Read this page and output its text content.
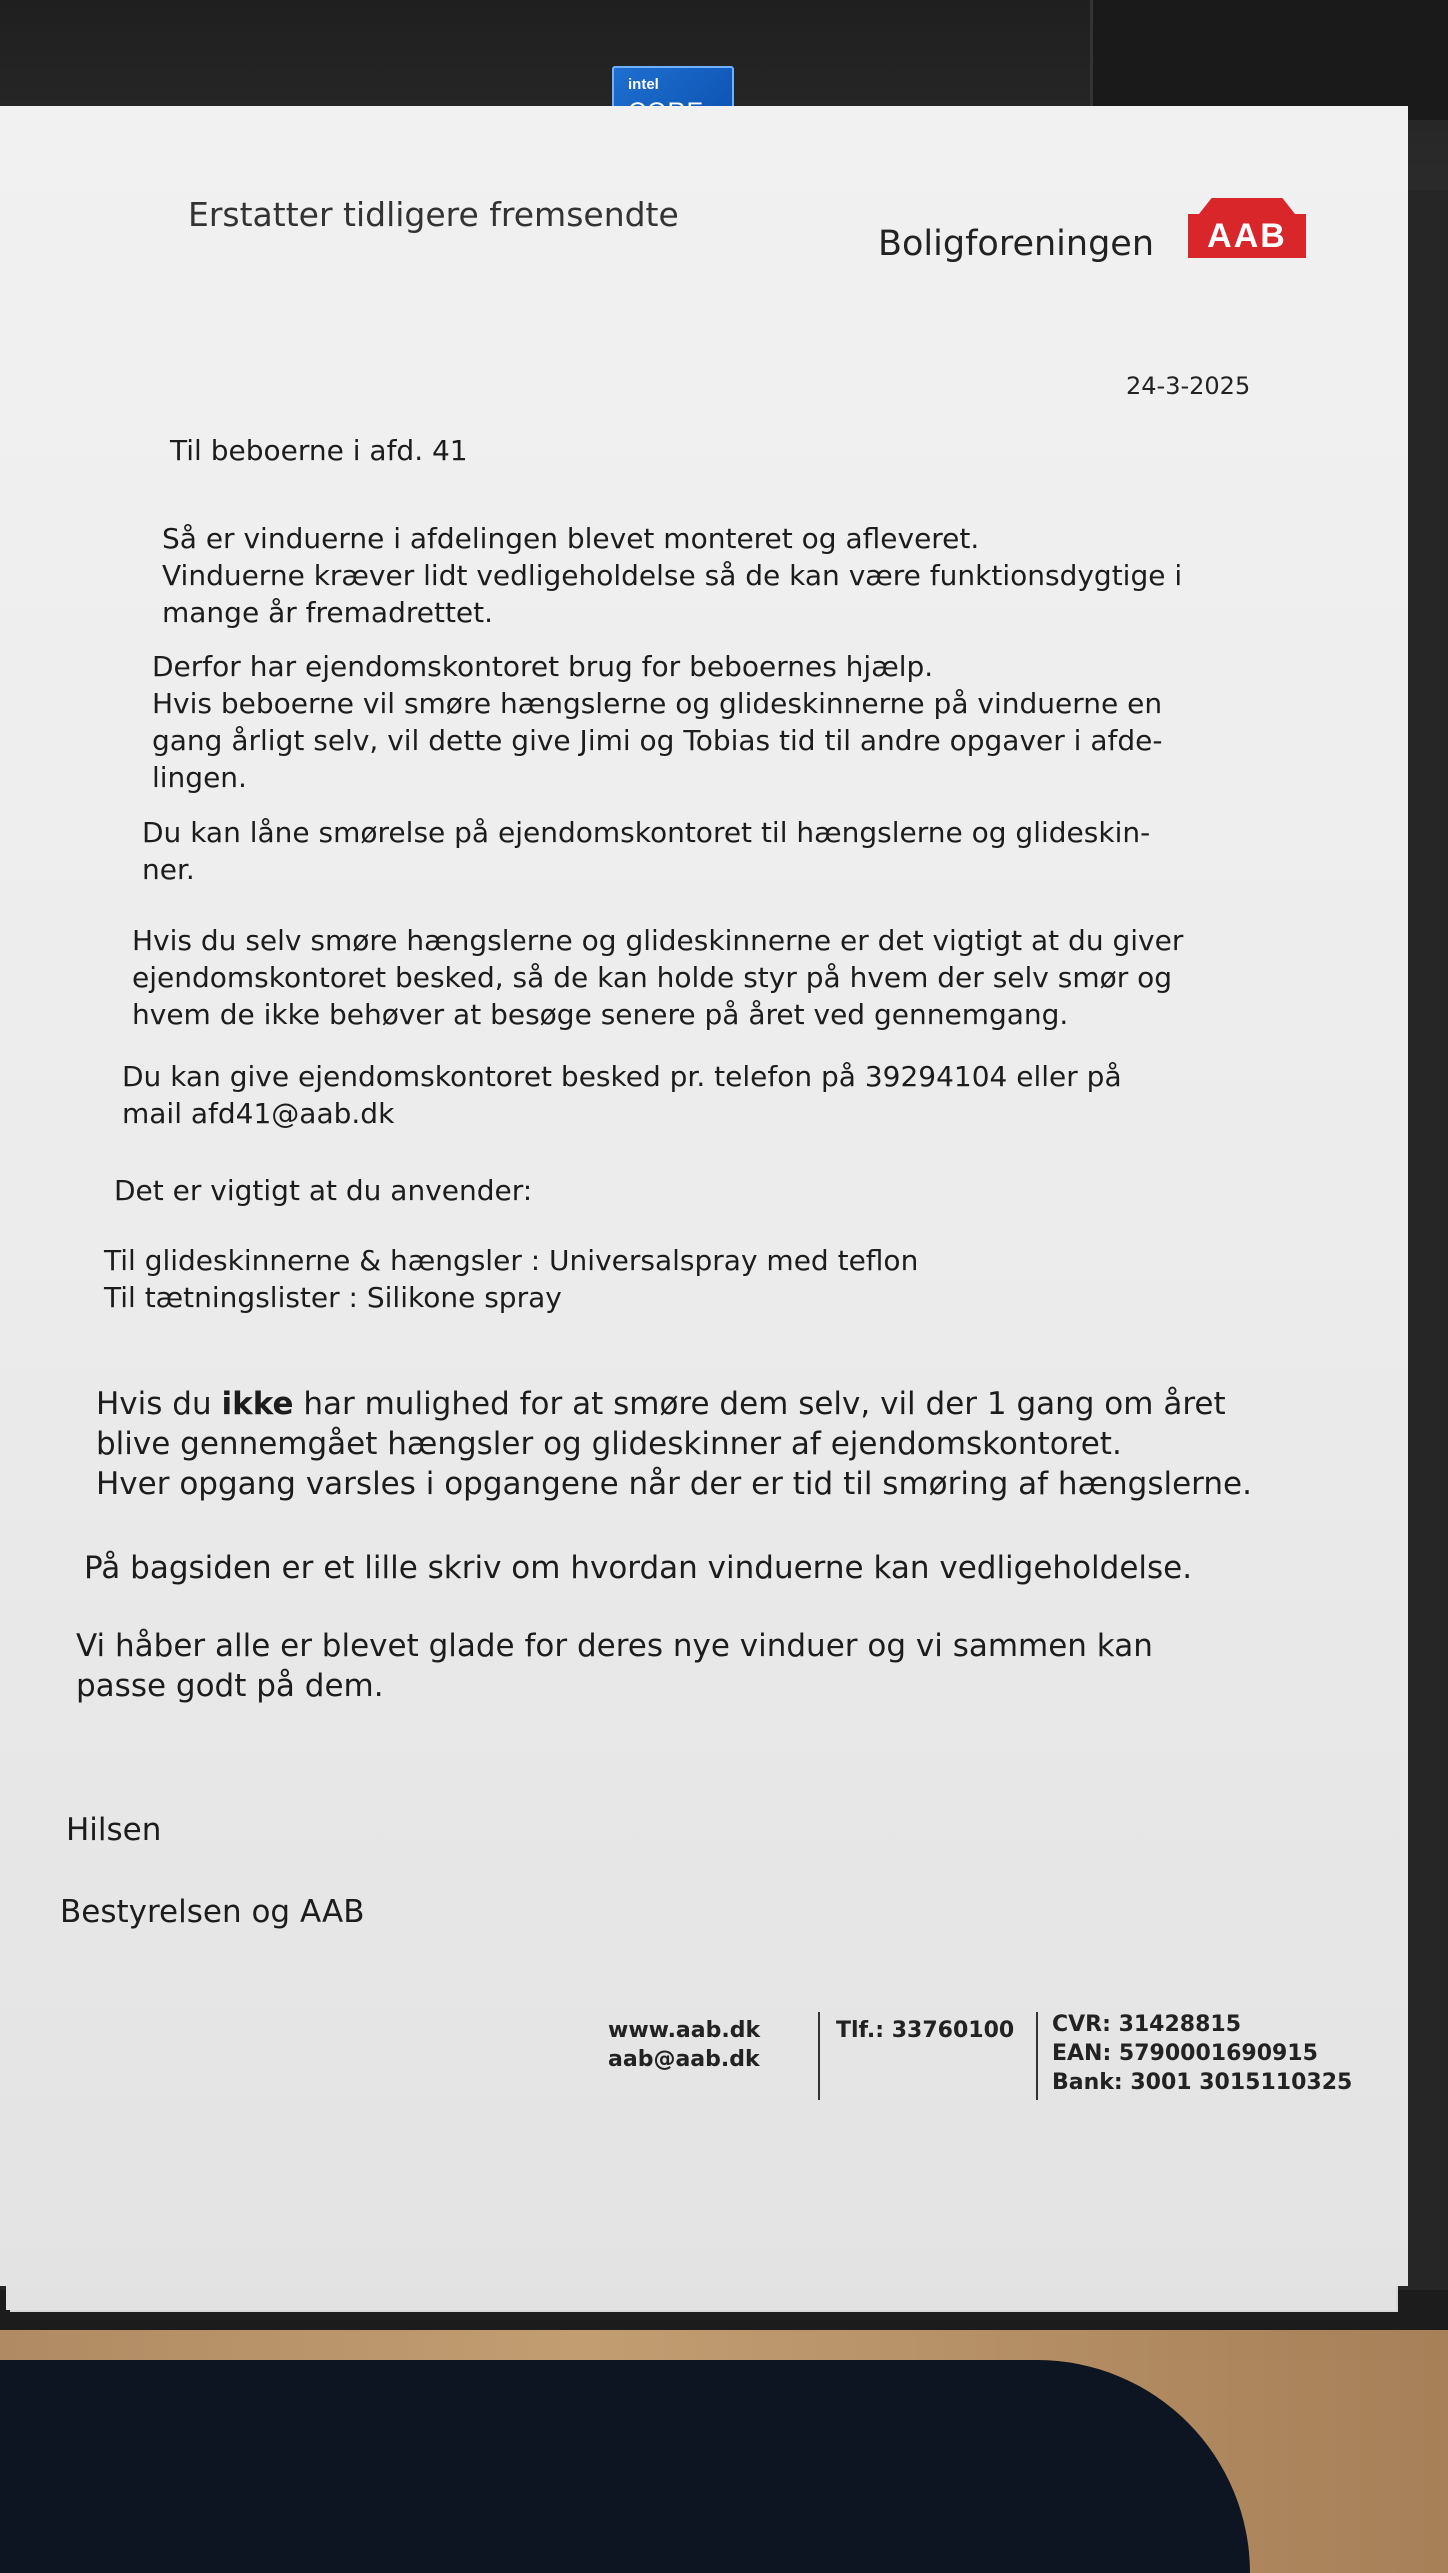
intel
Erstatter tidligere fremsendte
Boligforeningen	AAB
24-3-2025
Til beboerne i afd. 41
Så er vinduerne i afdelingen blevet monteret og afleveret.
Vinduerne kræver lidt vedligeholdelse så de kan være funktionsdygtige i
mange år fremadrettet.
Derfor har ejendomskontoret brug for beboernes hjælp.
Hvis beboerne vil smøre hængslerne og glideskinnerne på vinduerne en
gang årligt selv, vil dette give Jimi og Tobias tid til andre opgaver i afde-
lingen.
Du kan låne smørelse på ejendomskontoret til hængslerne og glideskin-
ner.
Hvis du selv smøre hængslerne og glideskinnerne er det vigtigt at du giver
ejendomskontoret besked, så de kan holde styr på hvem der selv smør og
hvem de ikke behøver at besøge senere på året ved gennemgang.
Du kan give ejendomskontoret besked pr. telefon på 39294104 eller på
mail afd41@aab.dk
Det er vigtigt at du anvender:
Til glideskinnerne & hængsler : Universalspray med teflon
Til tætningslister : Silikone spray
Hvis du ikke har mulighed for at smøre dem selv, vil der 1 gang om året
blive gennemgået hængsler og glideskinner af ejendomskontoret.
Hver opgang varsles i opgangene når der er tid til smøring af hængslerne.
På bagsiden er et lille skriv om hvordan vinduerne kan vedligeholdelse.
Vi håber alle er blevet glade for deres nye vinduer og vi sammen kan
passe godt på dem.
Hilsen
Bestyrelsen og AAB
www.aab.dk
aab@aab.dk
Tlf.: 33760100 CVR: 31428815
EAN: 5790001690915
Bank: 3001 3015110325
